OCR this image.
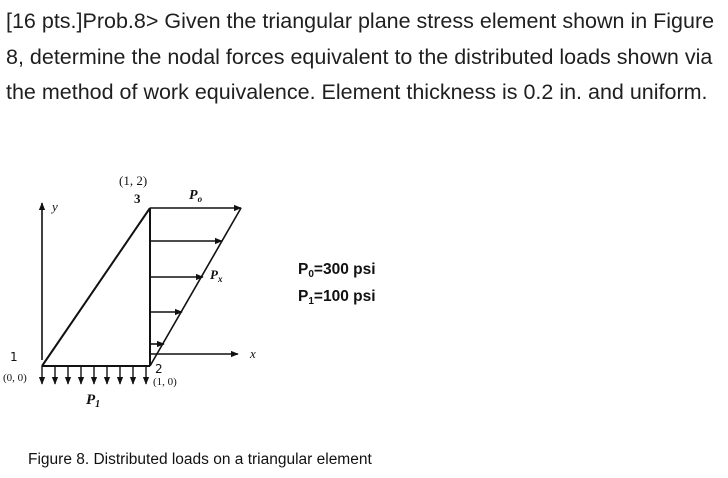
[16 pts.]Prob.8> Given the triangular plane stress element shown in Figure 8, determine the nodal forces equivalent to the distributed loads shown via the method of work equivalence. Element thickness is 0.2 in. and uniform.

(1, 2)
3
y
$P_o$
$P_x$
x
1
(0, 0)
2
(1, 0)
$P_1$
$P_0=300$ psi
$P_1=100$ psi
Figure 8. Distributed loads on a triangular element
